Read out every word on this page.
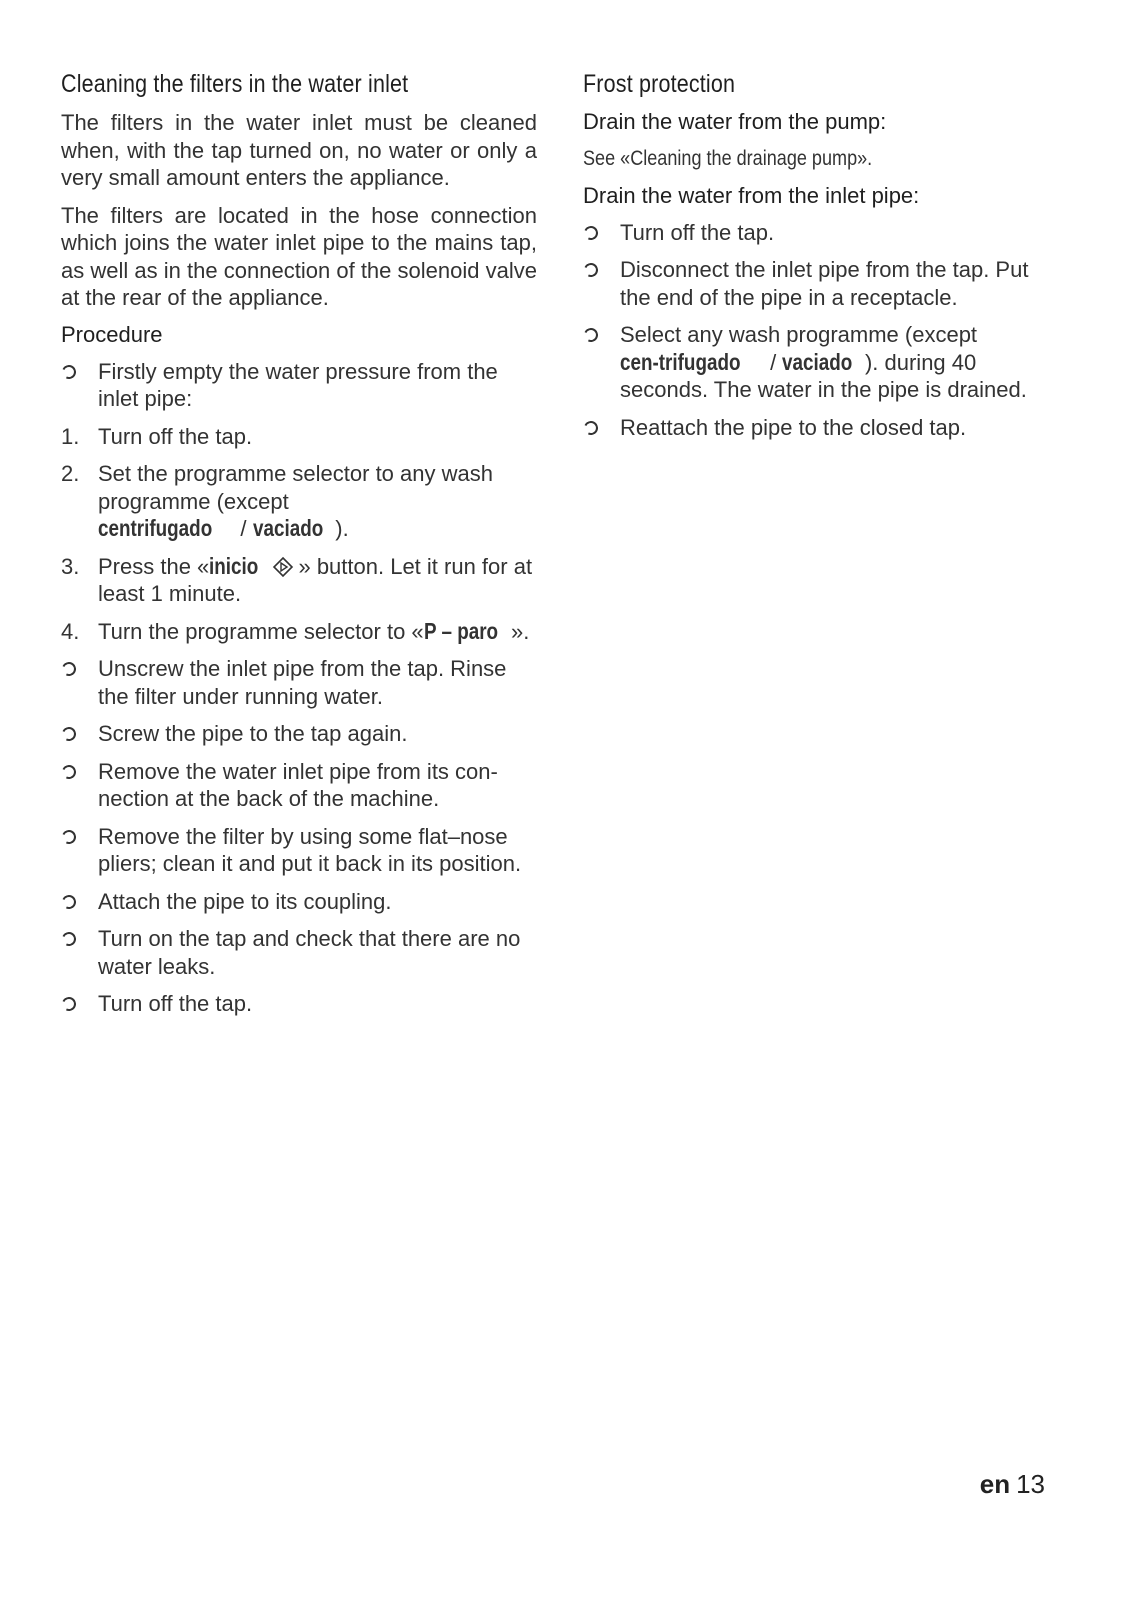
Cleaning the filters in the water inlet

The filters in the water inlet must be cleaned when, with the tap turned on, no water or only a very small amount enters the appliance.

The filters are located in the hose connection which joins the water inlet pipe to the mains tap, as well as in the connection of the solenoid valve at the rear of the appliance.

Procedure
Firstly empty the water pressure from the inlet pipe:
1. Turn off the tap.
2. Set the programme selector to any wash programme (except
centrifugado / vaciado ).
3. Press the «inicio » button. Let it run for at least 1 minute.
4. Turn the programme selector to «P – paro ».
Unscrew the inlet pipe from the tap. Rinse the filter under running water.
Screw the pipe to the tap again.
Remove the water inlet pipe from its con-nection at the back of the machine.
Remove the filter by using some flat–nose pliers; clean it and put it back in its position.
Attach the pipe to its coupling.
Turn on the tap and check that there are no water leaks.
Turn off the tap.
Frost protection
Drain the water from the pump:

See «Cleaning the drainage pump».

Drain the water from the inlet pipe:
Turn off the tap.
Disconnect the inlet pipe from the tap. Put the end of the pipe in a receptacle.
Select any wash programme (except cen-trifugado / vaciado ). during 40 seconds. The water in the pipe is drained.
Reattach the pipe to the closed tap.
en 13
